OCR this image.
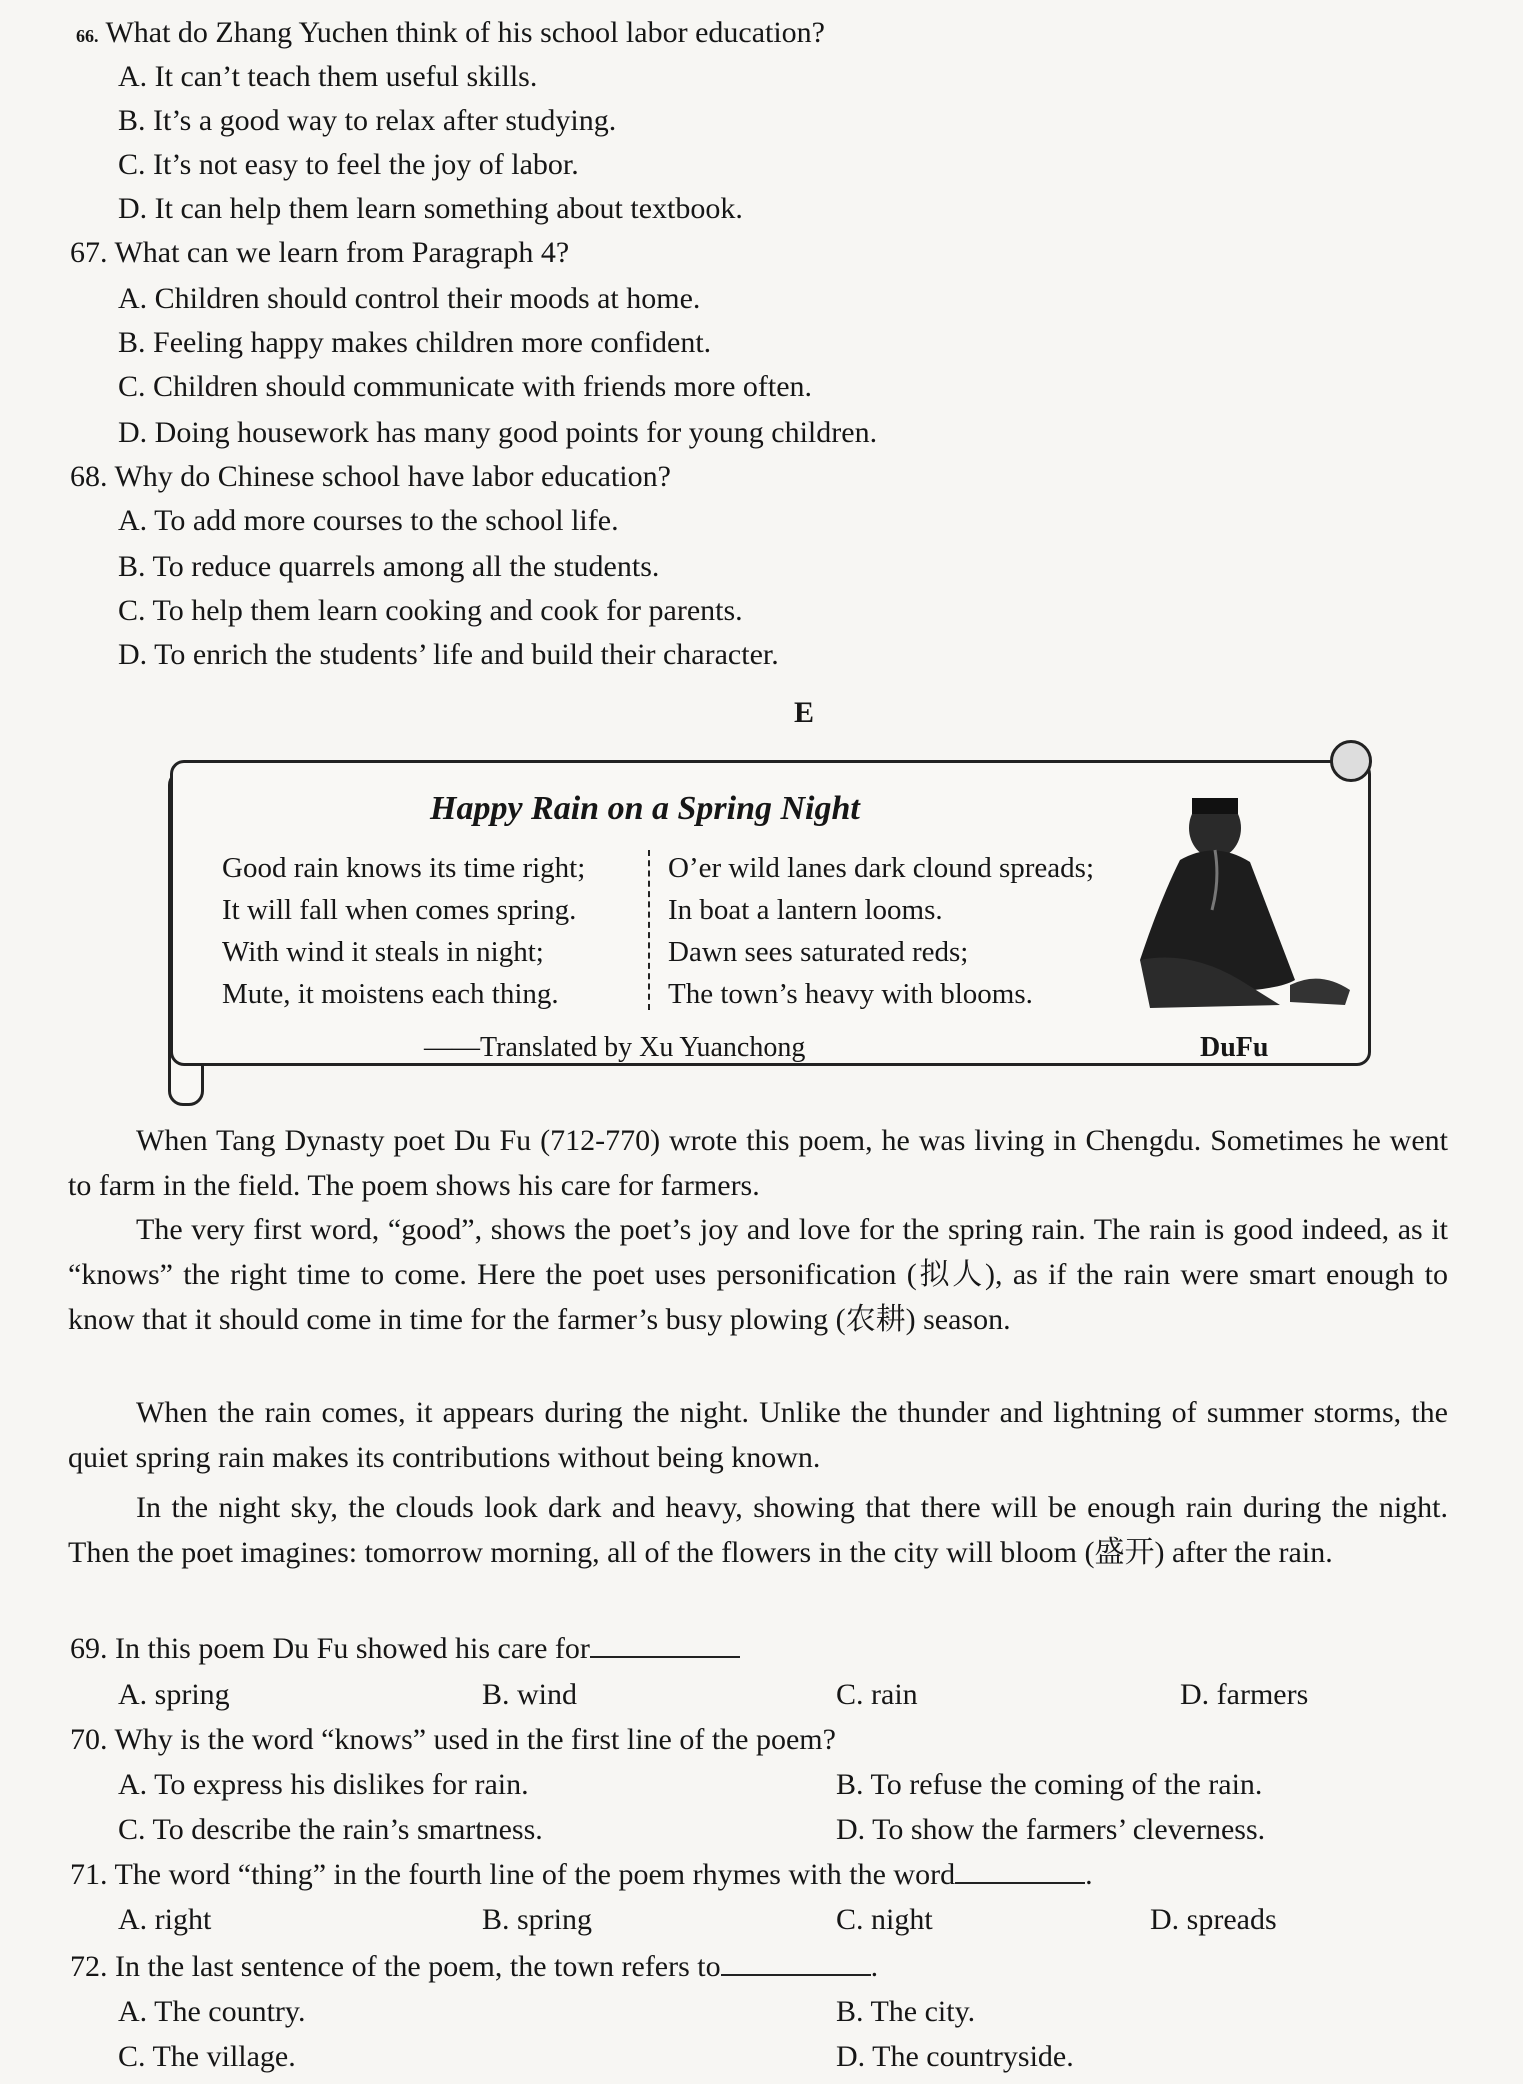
66. What do Zhang Yuchen think of his school labor education?
A. It can’t teach them useful skills.
B. It’s a good way to relax after studying.
C. It’s not easy to feel the joy of labor.
D. It can help them learn something about textbook.
67. What can we learn from Paragraph 4?
A. Children should control their moods at home.
B. Feeling happy makes children more confident.
C. Children should communicate with friends more often.
D. Doing housework has many good points for young children.
68. Why do Chinese school have labor education?
A. To add more courses to the school life.
B. To reduce quarrels among all the students.
C. To help them learn cooking and cook for parents.
D. To enrich the students’ life and build their character.
E
Happy Rain on a Spring Night
Good rain knows its time right;
It will fall when comes spring.
With wind it steals in night;
Mute, it moistens each thing.
O’er wild lanes dark clound spreads;
In boat a lantern looms.
Dawn sees saturated reds;
The town’s heavy with blooms.
——Translated by Xu Yuanchong	DuFu
When Tang Dynasty poet Du Fu (712-770) wrote this poem, he was living in Chengdu. Sometimes he went to farm in the field. The poem shows his care for farmers.
The very first word, “good”, shows the poet’s joy and love for the spring rain. The rain is good indeed, as it “knows” the right time to come. Here the poet uses personification (拟人), as if the rain were smart enough to know that it should come in time for the farmer’s busy plowing (农耕) season.
When the rain comes, it appears during the night. Unlike the thunder and lightning of summer storms, the quiet spring rain makes its contributions without being known.
In the night sky, the clouds look dark and heavy, showing that there will be enough rain during the night. Then the poet imagines: tomorrow morning, all of the flowers in the city will bloom (盛开) after the rain.
69. In this poem Du Fu showed his care for
A. spring	B. wind	C. rain	D. farmers
70. Why is the word “knows” used in the first line of the poem?
A. To express his dislikes for rain.	B. To refuse the coming of the rain.
C. To describe the rain’s smartness.	D. To show the farmers’ cleverness.
71. The word “thing” in the fourth line of the poem rhymes with the word	.
A. right	B. spring	C. night	D. spreads
72. In the last sentence of the poem, the town refers to	.
A. The country.	B. The city.
C. The village.	D. The countryside.
